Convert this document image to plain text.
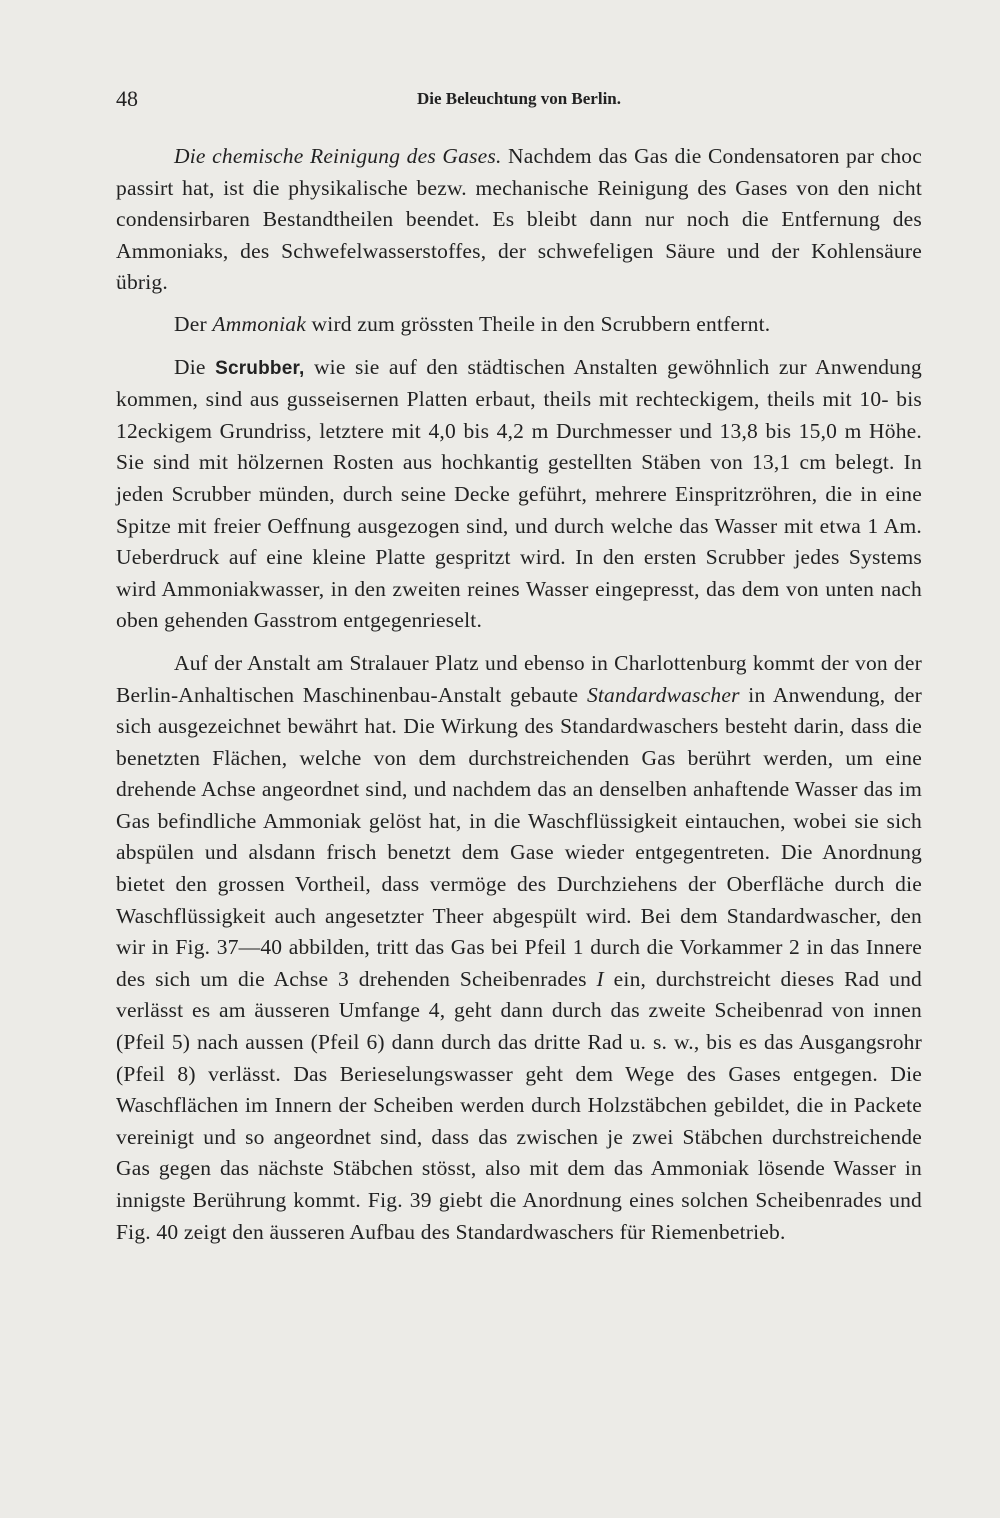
48	Die Beleuchtung von Berlin.

Die chemische Reinigung des Gases. Nachdem das Gas die Condensatoren par choc passirt hat, ist die physikalische bezw. mechanische Reinigung des Gases von den nicht condensirbaren Bestandtheilen beendet. Es bleibt dann nur noch die Entfernung des Ammoniaks, des Schwefelwasserstoffes, der schwefeligen Säure und der Kohlensäure übrig.

Der Ammoniak wird zum grössten Theile in den Scrubbern entfernt.

Die Scrubber, wie sie auf den städtischen Anstalten gewöhnlich zur Anwendung kommen, sind aus gusseisernen Platten erbaut, theils mit rechteckigem, theils mit 10- bis 12eckigem Grundriss, letztere mit 4,0 bis 4,2 m Durchmesser und 13,8 bis 15,0 m Höhe. Sie sind mit hölzernen Rosten aus hochkantig gestellten Stäben von 13,1 cm belegt. In jeden Scrubber münden, durch seine Decke geführt, mehrere Einspritzröhren, die in eine Spitze mit freier Oeffnung ausgezogen sind, und durch welche das Wasser mit etwa 1 Am. Ueberdruck auf eine kleine Platte gespritzt wird. In den ersten Scrubber jedes Systems wird Ammoniakwasser, in den zweiten reines Wasser eingepresst, das dem von unten nach oben gehenden Gasstrom entgegenrieselt.

Auf der Anstalt am Stralauer Platz und ebenso in Charlottenburg kommt der von der Berlin-Anhaltischen Maschinenbau-Anstalt gebaute Standardwascher in Anwendung, der sich ausgezeichnet bewährt hat. Die Wirkung des Standardwaschers besteht darin, dass die benetzten Flächen, welche von dem durchstreichenden Gas berührt werden, um eine drehende Achse angeordnet sind, und nachdem das an denselben anhaftende Wasser das im Gas befindliche Ammoniak gelöst hat, in die Waschflüssigkeit eintauchen, wobei sie sich abspülen und alsdann frisch benetzt dem Gase wieder entgegentreten. Die Anordnung bietet den grossen Vortheil, dass vermöge des Durchziehens der Oberfläche durch die Waschflüssigkeit auch angesetzter Theer abgespült wird. Bei dem Standardwascher, den wir in Fig. 37—40 abbilden, tritt das Gas bei Pfeil 1 durch die Vorkammer 2 in das Innere des sich um die Achse 3 drehenden Scheibenrades I ein, durchstreicht dieses Rad und verlässt es am äusseren Umfange 4, geht dann durch das zweite Scheibenrad von innen (Pfeil 5) nach aussen (Pfeil 6) dann durch das dritte Rad u. s. w., bis es das Ausgangsrohr (Pfeil 8) verlässt. Das Berieselungswasser geht dem Wege des Gases entgegen. Die Waschflächen im Innern der Scheiben werden durch Holzstäbchen gebildet, die in Packete vereinigt und so angeordnet sind, dass das zwischen je zwei Stäbchen durchstreichende Gas gegen das nächste Stäbchen stösst, also mit dem das Ammoniak lösende Wasser in innigste Berührung kommt. Fig. 39 giebt die Anordnung eines solchen Scheibenrades und Fig. 40 zeigt den äusseren Aufbau des Standardwaschers für Riemenbetrieb.
